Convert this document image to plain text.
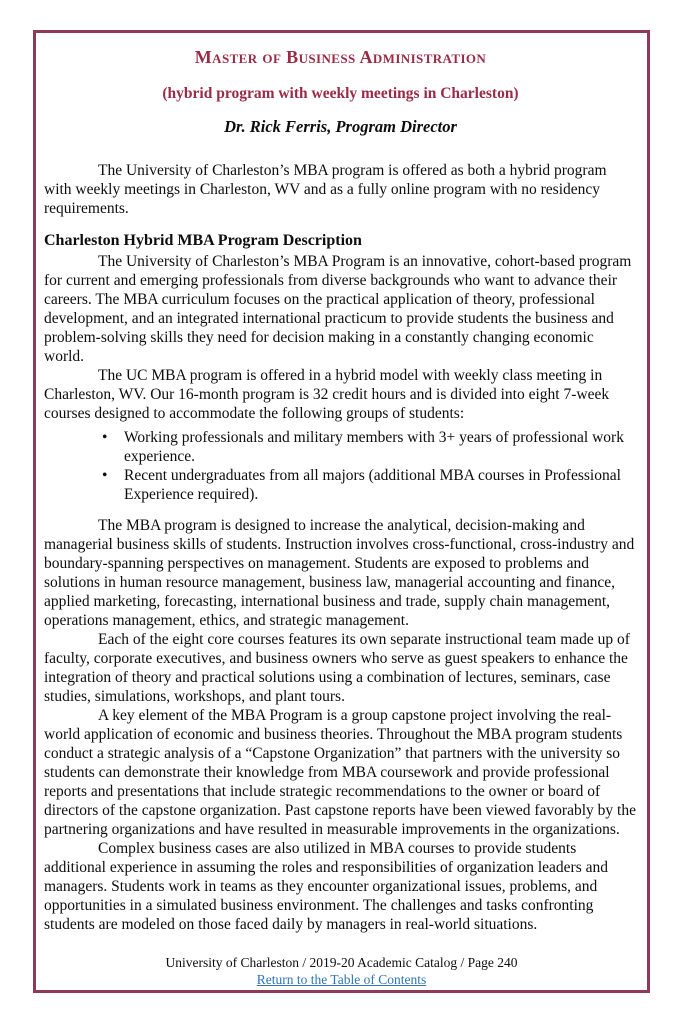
Master of Business Administration
(hybrid program with weekly meetings in Charleston)
Dr. Rick Ferris, Program Director

The University of Charleston’s MBA program is offered as both a hybrid program with weekly meetings in Charleston, WV and as a fully online program with no residency requirements.

Charleston Hybrid MBA Program Description

The University of Charleston’s MBA Program is an innovative, cohort-based program for current and emerging professionals from diverse backgrounds who want to advance their careers. The MBA curriculum focuses on the practical application of theory, professional development, and an integrated international practicum to provide students the business and problem-solving skills they need for decision making in a constantly changing economic world.

The UC MBA program is offered in a hybrid model with weekly class meeting in Charleston, WV. Our 16-month program is 32 credit hours and is divided into eight 7-week courses designed to accommodate the following groups of students:

•	Working professionals and military members with 3+ years of professional work experience.
•	Recent undergraduates from all majors (additional MBA courses in Professional Experience required).

The MBA program is designed to increase the analytical, decision-making and managerial business skills of students. Instruction involves cross-functional, cross-industry and boundary-spanning perspectives on management. Students are exposed to problems and solutions in human resource management, business law, managerial accounting and finance, applied marketing, forecasting, international business and trade, supply chain management, operations management, ethics, and strategic management.

Each of the eight core courses features its own separate instructional team made up of faculty, corporate executives, and business owners who serve as guest speakers to enhance the integration of theory and practical solutions using a combination of lectures, seminars, case studies, simulations, workshops, and plant tours.

A key element of the MBA Program is a group capstone project involving the real-world application of economic and business theories. Throughout the MBA program students conduct a strategic analysis of a “Capstone Organization” that partners with the university so students can demonstrate their knowledge from MBA coursework and provide professional reports and presentations that include strategic recommendations to the owner or board of directors of the capstone organization. Past capstone reports have been viewed favorably by the partnering organizations and have resulted in measurable improvements in the organizations.

Complex business cases are also utilized in MBA courses to provide students additional experience in assuming the roles and responsibilities of organization leaders and managers. Students work in teams as they encounter organizational issues, problems, and opportunities in a simulated business environment. The challenges and tasks confronting students are modeled on those faced daily by managers in real-world situations.

University of Charleston / 2019-20 Academic Catalog / Page 240

Return to the Table of Contents
